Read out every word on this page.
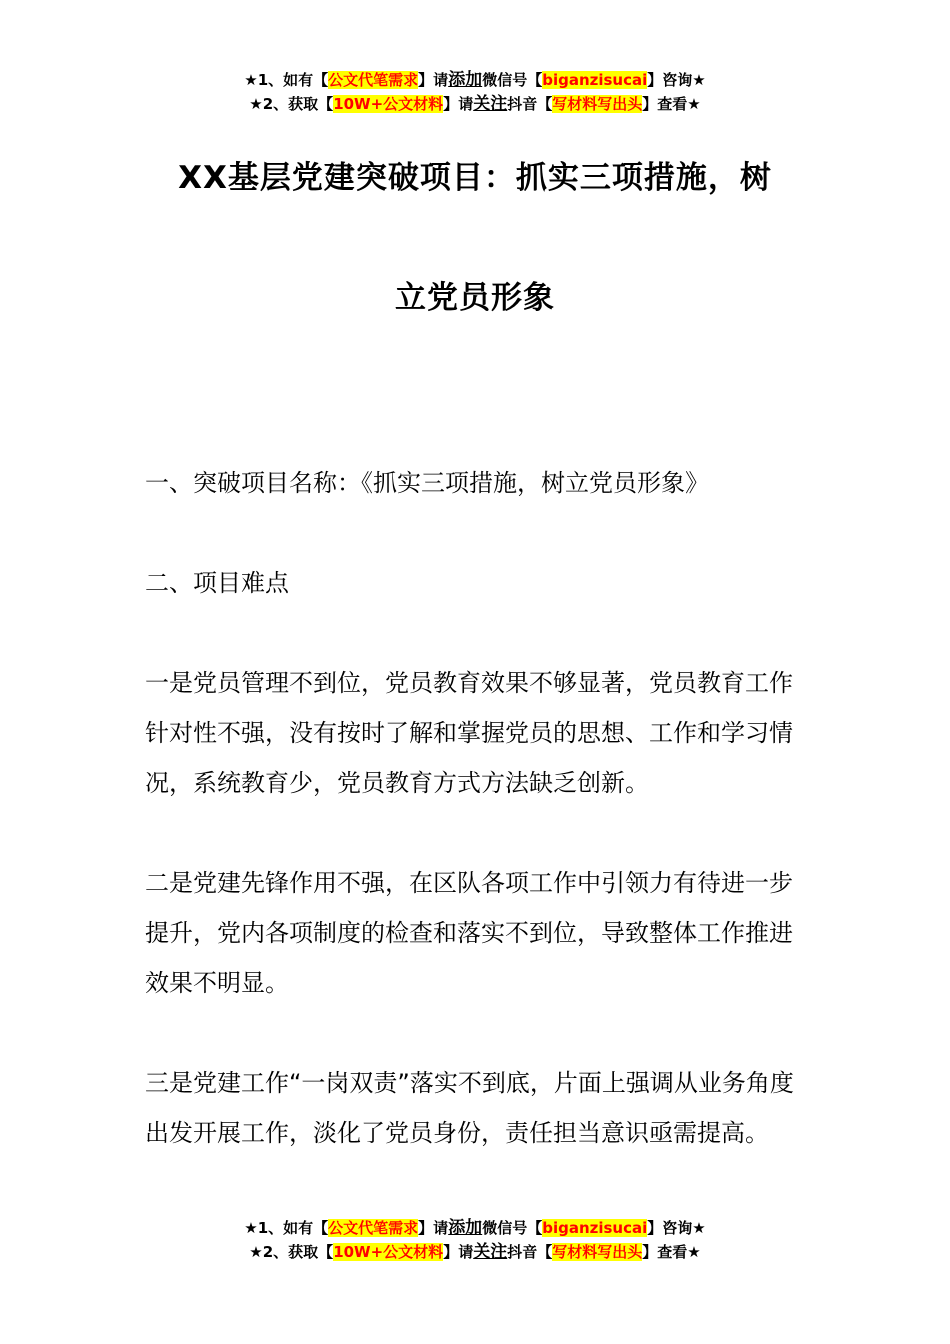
★1、如有【公文代笔需求】请添加微信号【biganzisucai】咨询★
★2、获取【10W+公文材料】请关注抖音【写材料写出头】查看★
XX基层党建突破项目：抓实三项措施，树
立党员形象

一、突破项目名称：《抓实三项措施，树立党员形象》

二、项目难点

一是党员管理不到位，党员教育效果不够显著，党员教育工作针对性不强，没有按时了解和掌握党员的思想、工作和学习情况，系统教育少，党员教育方式方法缺乏创新。

二是党建先锋作用不强，在区队各项工作中引领力有待进一步提升，党内各项制度的检查和落实不到位，导致整体工作推进效果不明显。

三是党建工作“一岗双责”落实不到底，片面上强调从业务角度出发开展工作，淡化了党员身份，责任担当意识亟需提高。

★1、如有【公文代笔需求】请添加微信号【biganzisucai】咨询★
★2、获取【10W+公文材料】请关注抖音【写材料写出头】查看★
